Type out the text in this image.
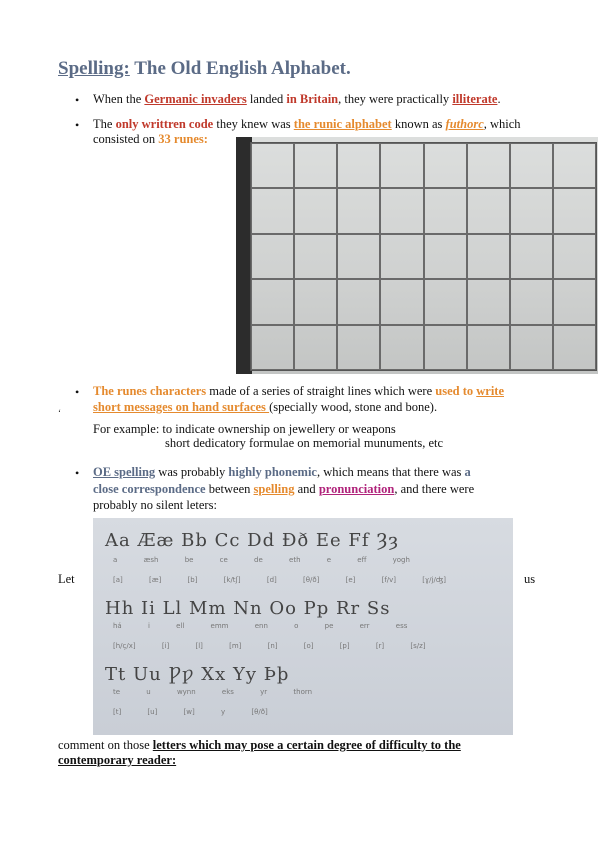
Spelling: The Old English Alphabet.
• When the Germanic invaders landed in Britain, they were practically illiterate.
• The only writtren code they knew was the runic alphabet known as futhorc, which
consisted on 33 runes:
• The runes characters made of a series of straight lines which were used to write
short messages on hand surfaces (specially wood, stone and bone).
ʻ
For example: to indicate ownership on jewellery or weapons
short dedicatory formulae on memorial munuments, etc
• OE spelling was probably highly phonemic, which means that there was a
close correspondence between spelling and pronunciation, and there were
probably no silent leters:
Aa Ææ Bb Cc Dd Đð Ee Ff Ȝȝ
a æsh be ce de eth e eff yogh
[a] [æ] [b] [k/tʃ] [d] [θ/ð] [e] [f/v] [ɣ/j/ʤ]
Hh Ii Ll Mm Nn Oo Pp Rr Ss
há i ell emm enn o pe err ess
[h/ç/x] [i] [l] [m] [n] [o] [p] [r] [s/z]
Tt Uu Ƿƿ Xx Yy Þþ
te u wynn eks yr thorn
[t] [u] [w] y [θ/ð]
Let	us
comment on those letters which may pose a certain degree of difficulty to the
contemporary reader:
